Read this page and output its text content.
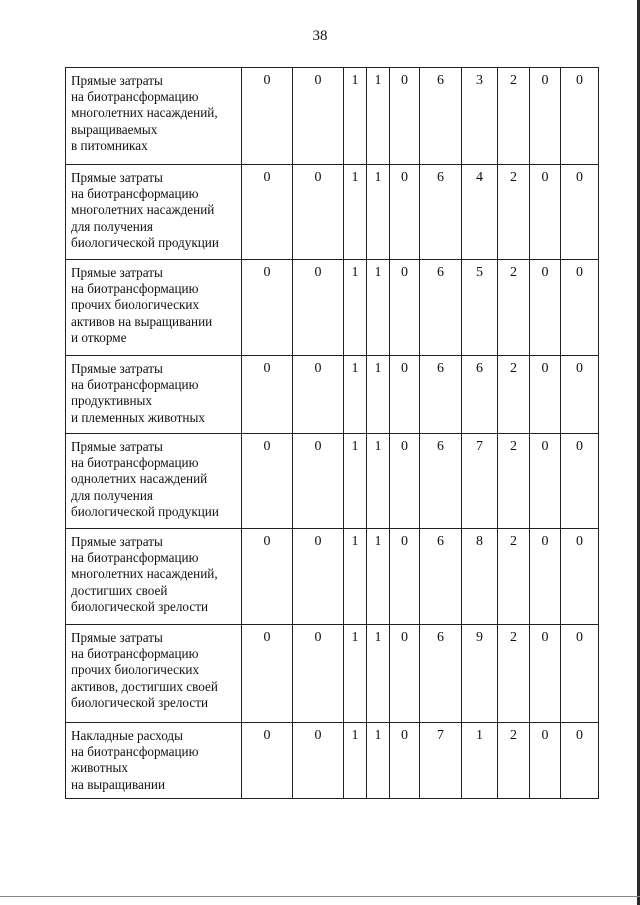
38
Прямые затраты
на биотрансформацию
многолетних насаждений,
выращиваемых
в питомниках	0	0	1	1	0	6	3	2	0	0
Прямые затраты
на биотрансформацию
многолетних насаждений
для получения
биологической продукции	0	0	1	1	0	6	4	2	0	0
Прямые затраты
на биотрансформацию
прочих биологических
активов на выращивании
и откорме	0	0	1	1	0	6	5	2	0	0
Прямые затраты
на биотрансформацию
продуктивных
и племенных животных	0	0	1	1	0	6	6	2	0	0
Прямые затраты
на биотрансформацию
однолетних насаждений
для получения
биологической продукции	0	0	1	1	0	6	7	2	0	0
Прямые затраты
на биотрансформацию
многолетних насаждений,
достигших своей
биологической зрелости	0	0	1	1	0	6	8	2	0	0
Прямые затраты
на биотрансформацию
прочих биологических
активов, достигших своей
биологической зрелости	0	0	1	1	0	6	9	2	0	0
Накладные расходы
на биотрансформацию
животных
на выращивании	0	0	1	1	0	7	1	2	0	0
